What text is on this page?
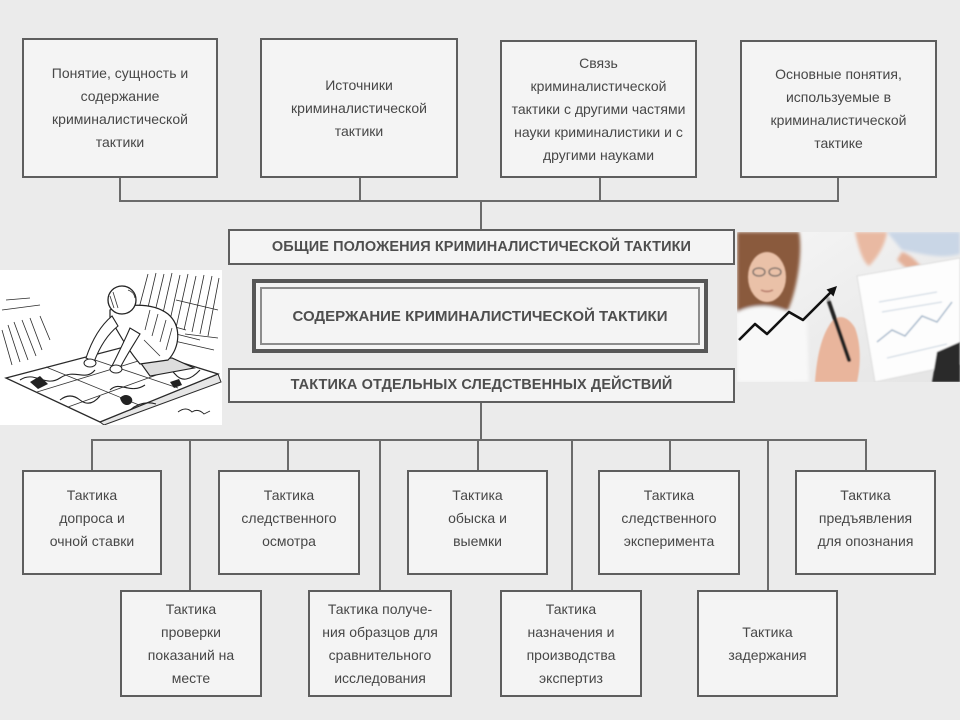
Понятие, сущность и
содержание
криминалистической
тактики
Источники
криминалистической
тактики
Связь
криминалистической
тактики с другими частями
науки криминалистики и с
другими науками
Основные понятия,
используемые в
криминалистической
тактике
ОБЩИЕ ПОЛОЖЕНИЯ КРИМИНАЛИСТИЧЕСКОЙ ТАКТИКИ
СОДЕРЖАНИЕ КРИМИНАЛИСТИЧЕСКОЙ ТАКТИКИ
ТАКТИКА ОТДЕЛЬНЫХ СЛЕДСТВЕННЫХ ДЕЙСТВИЙ
Тактика
допроса и
очной ставки
Тактика
следственного
осмотра
Тактика
обыска и
выемки
Тактика
следственного
эксперимента
Тактика
предъявления
для опознания
Тактика
проверки
показаний на
месте
Тактика получе-
ния образцов для
сравнительного
исследования
Тактика
назначения и
производства
экспертиз
Тактика
задержания
